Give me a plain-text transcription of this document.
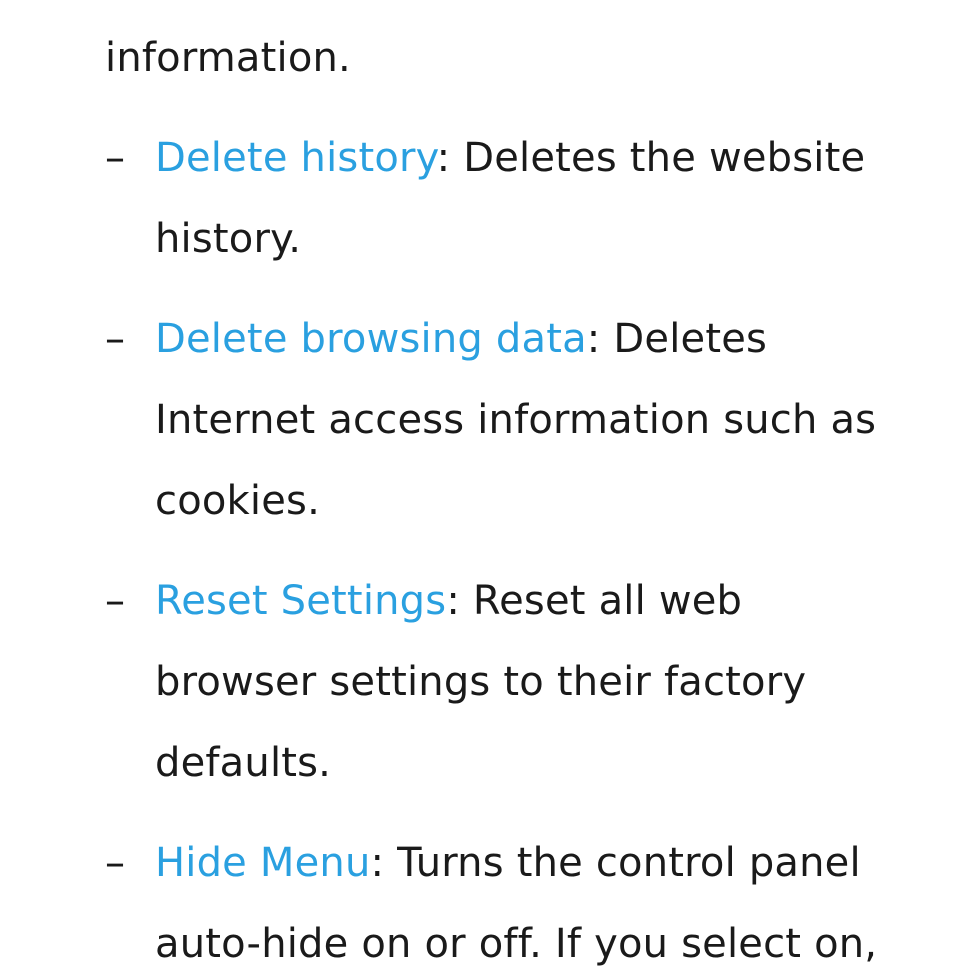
information.
– Delete history: Deletes the website
history.
– Delete browsing data: Deletes
Internet access information such as
cookies.
– Reset Settings: Reset all web
browser settings to their factory
defaults.
– Hide Menu: Turns the control panel
auto-hide on or off. If you select on,
